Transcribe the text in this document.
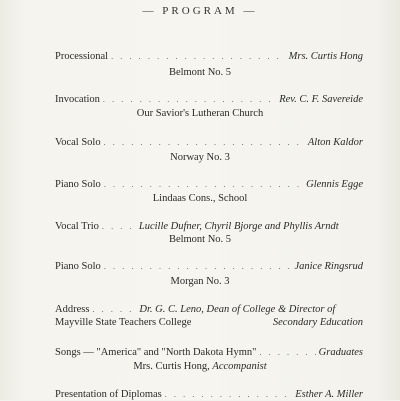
— PROGRAM —
Processional . . .	Mrs. Curtis Hong
Belmont No. 5
Invocation . . .	Rev. C. F. Savereide
Our Savior's Lutheran Church
Vocal Solo . . .	Alton Kaldor
Norway No. 3
Piano Solo . . .	Glennis Egge
Lindaas Cons., School
Vocal Trio . . .	Lucille Dufner, Chyril Bjorge and Phyllis Arndt
Belmont No. 5
Piano Solo . . .	Janice Ringsrud
Morgan No. 3
Address . . .	Dr. G. C. Leno, Dean of College & Director of
Mayville State Teachers College	Secondary Education
Songs — "America" and "North Dakota Hymn" . . .	Graduates
Mrs. Curtis Hong, Accompanist
Presentation of Diplomas . . .	Esther A. Miller
